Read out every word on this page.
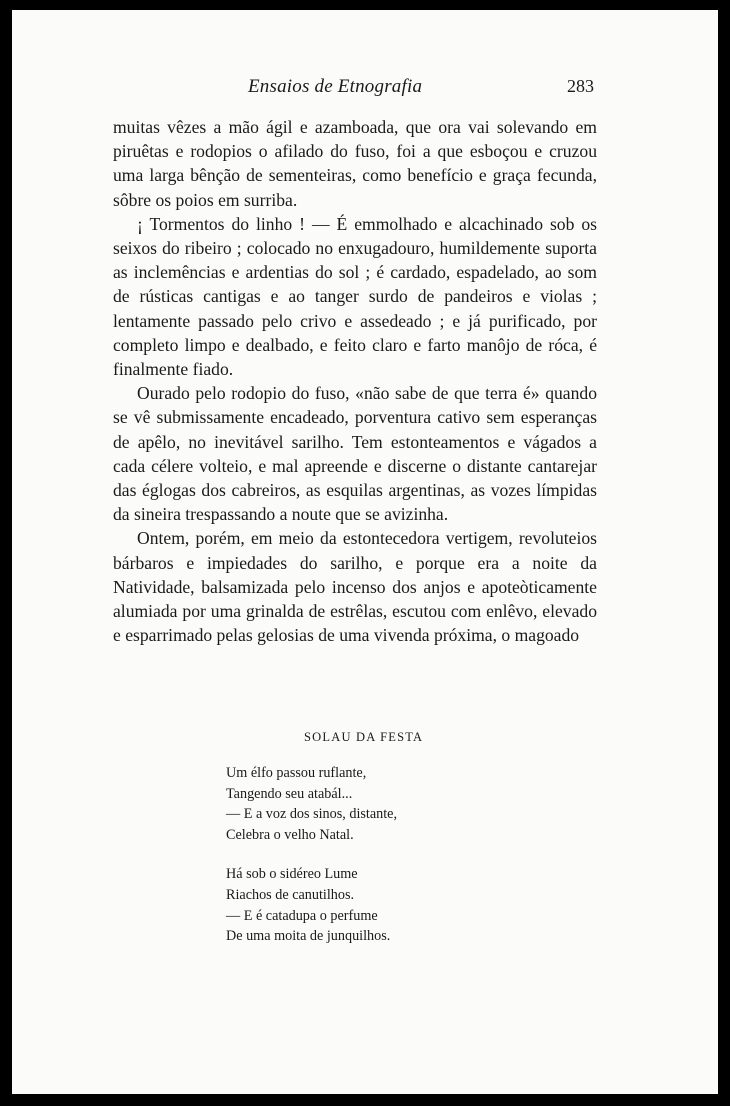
Ensaios de Etnografia	283

muitas vêzes a mão ágil e azamboada, que ora vai solevando em piruêtas e rodopios o afilado do fuso, foi a que esboçou e cruzou uma larga bênção de sementeiras, como benefício e graça fecunda, sôbre os poios em surriba.

¡ Tormentos do linho ! — É emmolhado e alcachinado sob os seixos do ribeiro ; colocado no enxugadouro, humildemente suporta as inclemências e ardentias do sol ; é cardado, espadelado, ao som de rústicas cantigas e ao tanger surdo de pandeiros e violas ; lentamente passado pelo crivo e assedeado ; e já purificado, por completo limpo e dealbado, e feito claro e farto manôjo de róca, é finalmente fiado.

Ourado pelo rodopio do fuso, «não sabe de que terra é» quando se vê submissamente encadeado, porventura cativo sem esperanças de apêlo, no inevitável sarilho. Tem estonteamentos e vágados a cada célere volteio, e mal apreende e discerne o distante cantarejar das églogas dos cabreiros, as esquilas argentinas, as vozes límpidas da sineira trespassando a noute que se avizinha.

Ontem, porém, em meio da estontecedora vertigem, revoluteios bárbaros e impiedades do sarilho, e porque era a noite da Natividade, balsamizada pelo incenso dos anjos e apoteòticamente alumiada por uma grinalda de estrêlas, escutou com enlêvo, elevado e esparrimado pelas gelosias de uma vivenda próxima, o magoado

SOLAU DA FESTA
Um élfo passou ruflante,
Tangendo seu atabál...
— E a voz dos sinos, distante,
Celebra o velho Natal.
Há sob o sidéreo Lume
Riachos de canutilhos.
— E é catadupa o perfume
De uma moita de junquilhos.
